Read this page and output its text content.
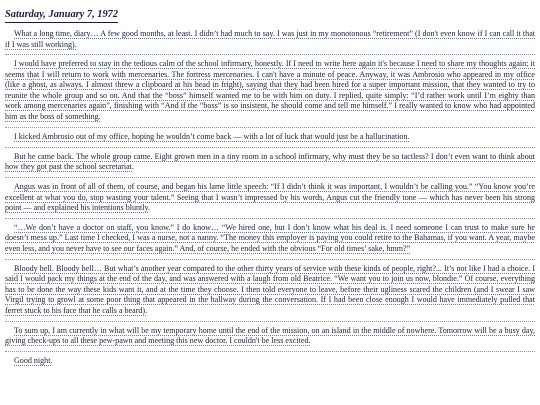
Saturday, January 7, 1972

What a long time, diary… A few good months, at least. I didn’t had much to say. I was just in my monotonous “retirement” (I don't even know if I can call it that if I was still working).

I would have preferred to stay in the tedious calm of the school infirmary, honestly. If I need to write here again it's because I need to share my thoughts again; it seems that I will return to work with mercenaries. The fortress mercenaries. I can't have a minute of peace. Anyway, it was Ambrosio who appeared in my office (like a ghost, as always. I almost threw a clipboard at his head in fright), saying that they had been hired for a super important mission, that they wanted to try to reunite the whole group and so on. And that the “boss” himself wanted me to be with him on duty. I replied, quite simply: “I’d rather work until I’m eighty than work among mercenaries again”, finishing with “And if the “boss” is so insistent, he should come and tell me himself.” I really wanted to know who had appointed him as the boss of something.

I kicked Ambrosio out of my office, hoping he wouldn’t come back — with a lot of luck that would just be a hallucination.

But he came back. The whole group came. Eight grown men in a tiny room in a school infirmary, why must they be so tactless? I don’t even want to think about how they got past the school secretariat.

Angus was in front of all of them, of course, and began his lame little speech: “If I didn’t think it was important, I wouldn’t be calling you.” “You know you’re excellent at what you do, stop wasting your talent.” Seeing that I wasn’t impressed by his words, Angus cut the friendly tone — which has never been his strong point — and explained his intentions bluntly.

“…We don’t have a doctor on staff, you know.” I do know… “We hired one, but I don’t know what his deal is. I need someone I can trust to make sure he doesn’t mess up.” Last time I checked, I was a nurse, not a nanny. “The money this employer is paying you could retire to the Bahamas, if you want. A year, maybe even less, and you never have to see our faces again.” And, of course, he ended with the obvious “For old times’ sake, hmm?”

Bloody hell. Bloody hell… But what’s another year compared to the other thirty years of service with these kinds of people, right?... It’s not like I had a choice. I said I would pack my things at the end of the day, and was answered with a laugh from old Beatrice. “We want you to join us now, blondie.” Of course, everything has to be done the way these kids want it, and at the time they choose. I then told everyone to leave, before their ugliness scared the children (and I swear I saw Virgil trying to growl at some poor thing that appeared in the hallway during the conversation. If I had been close enough I would have immediately pulled that ferret stuck to his face that he calls a beard).

To sum up, I am currently in what will be my temporary home until the end of the mission, on an island in the middle of nowhere. Tomorrow will be a busy day, giving check-ups to all these pew-pawn and meeting this new doctor. I couldn't be less excited.

Good night.
